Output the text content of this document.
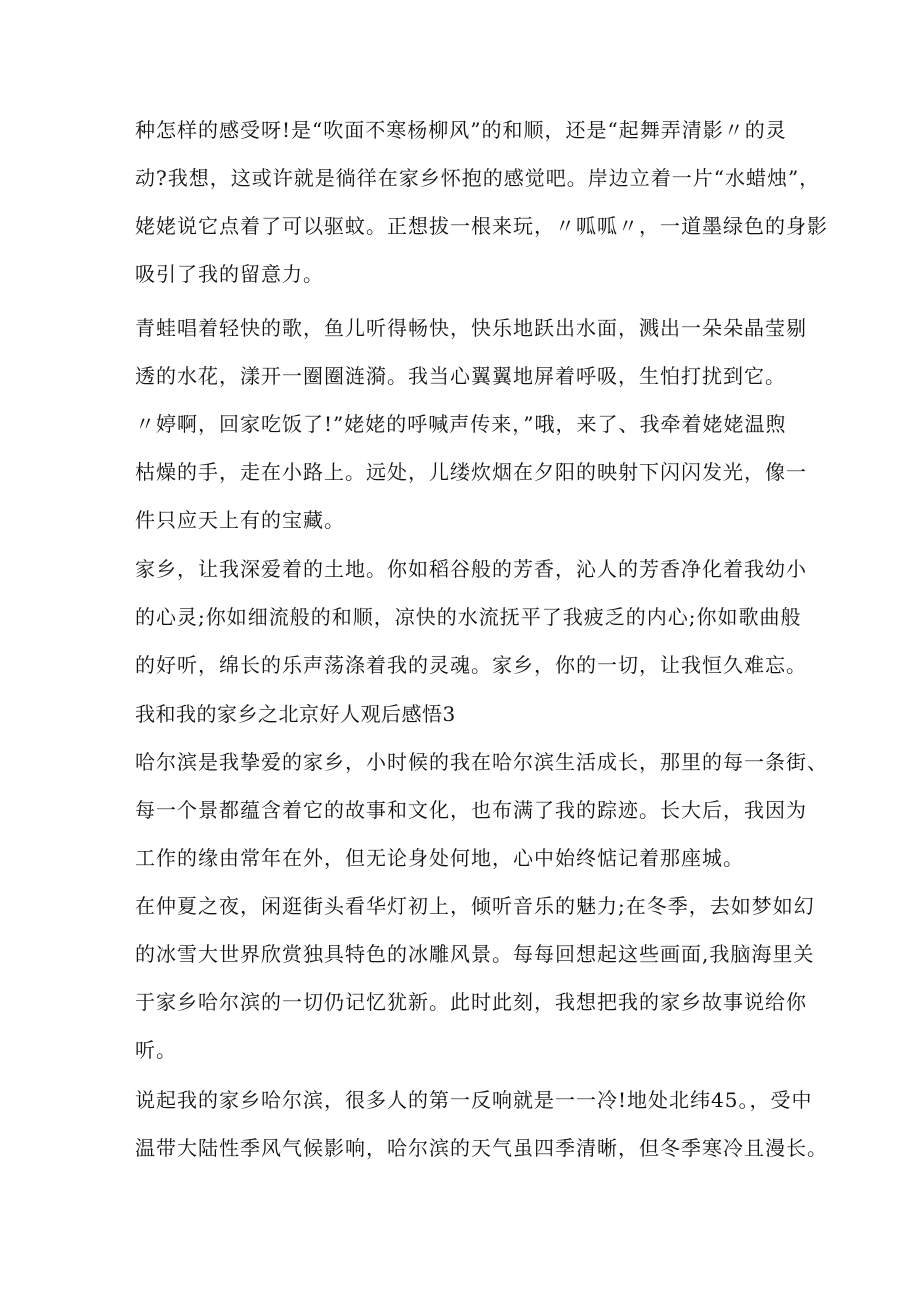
种怎样的感受呀!是“吹面不寒杨柳风”的和顺，还是“起舞弄清影〃的灵
动?我想，这或许就是徜徉在家乡怀抱的感觉吧。岸边立着一片“水蜡烛”，
姥姥说它点着了可以驱蚊。正想拔一根来玩，〃呱呱〃，一道墨绿色的身影
吸引了我的留意力。

青蛙唱着轻快的歌，鱼儿听得畅快，快乐地跃出水面，溅出一朵朵晶莹剔
透的水花，漾开一圈圈涟漪。我当心翼翼地屏着呼吸，生怕打扰到它。

〃婷啊，回家吃饭了!”姥姥的呼喊声传来，”哦，来了、我牵着姥姥温煦
枯燥的手，走在小路上。远处，儿缕炊烟在夕阳的映射下闪闪发光，像一
件只应天上有的宝藏。

家乡，让我深爱着的土地。你如稻谷般的芳香，沁人的芳香净化着我幼小
的心灵;你如细流般的和顺，凉快的水流抚平了我疲乏的内心;你如歌曲般
的好听，绵长的乐声荡涤着我的灵魂。家乡，你的一切，让我恒久难忘。

我和我的家乡之北京好人观后感悟3

哈尔滨是我挚爱的家乡，小时候的我在哈尔滨生活成长，那里的每一条街、
每一个景都蕴含着它的故事和文化，也布满了我的踪迹。长大后，我因为
工作的缘由常年在外，但无论身处何地，心中始终惦记着那座城。

在仲夏之夜，闲逛街头看华灯初上，倾听音乐的魅力;在冬季，去如梦如幻
的冰雪大世界欣赏独具特色的冰雕风景。每每回想起这些画面,我脑海里关
于家乡哈尔滨的一切仍记忆犹新。此时此刻，我想把我的家乡故事说给你
听。

说起我的家乡哈尔滨，很多人的第一反响就是一一冷!地处北纬45。，受中
温带大陆性季风气候影响，哈尔滨的天气虽四季清晰，但冬季寒冷且漫长。
